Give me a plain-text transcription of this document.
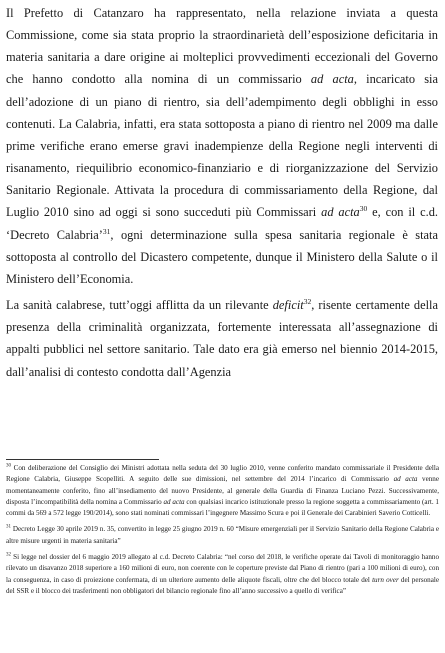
Il Prefetto di Catanzaro ha rappresentato, nella relazione inviata a questa Commissione, come sia stata proprio la straordinarietà dell’esposizione deficitaria in materia sanitaria a dare origine ai molteplici provvedimenti eccezionali del Governo che hanno condotto alla nomina di un commissario ad acta, incaricato sia dell’adozione di un piano di rientro, sia dell’adempimento degli obblighi in esso contenuti. La Calabria, infatti, era stata sottoposta a piano di rientro nel 2009 ma dalle prime verifiche erano emerse gravi inadempienze della Regione negli interventi di risanamento, riequilibrio economico-finanziario e di riorganizzazione del Servizio Sanitario Regionale. Attivata la procedura di commissariamento della Regione, dal Luglio 2010 sino ad oggi si sono succeduti più Commissari ad acta$^{30}$ e, con il c.d. ‘Decreto Calabria’$^{31}$, ogni determinazione sulla spesa sanitaria regionale è stata sottoposta al controllo del Dicastero competente, dunque il Ministero della Salute o il Ministero dell’Economia.

La sanità calabrese, tutt’oggi afflitta da un rilevante deficit$^{32}$, risente certamente della presenza della criminalità organizzata, fortemente interessata all’assegnazione di appalti pubblici nel settore sanitario. Tale dato era già emerso nel biennio 2014-2015, dall’analisi di contesto condotta dall’Agenzia

$^{30}$ Con deliberazione del Consiglio dei Ministri adottata nella seduta del 30 luglio 2010, venne conferito mandato commissariale il Presidente della Regione Calabria, Giuseppe Scopelliti. A seguito delle sue dimissioni, nel settembre del 2014 l’incarico di Commissario ad acta venne momentaneamente conferito, fino all’insediamento del nuovo Presidente, al generale della Guardia di Finanza Luciano Pezzi. Successivamente, disposta l’incompatibilità della nomina a Commissario ad acta con qualsiasi incarico istituzionale presso la regione soggetta a commissariamento (art. 1 commi da 569 a 572 legge 190/2014), sono stati nominati commissari l’ingegnere Massimo Scura e poi il Generale dei Carabinieri Saverio Cotticelli.

$^{31}$ Decreto Legge 30 aprile 2019 n. 35, convertito in legge 25 giugno 2019 n. 60 “Misure emergenziali per il Servizio Sanitario della Regione Calabria e altre misure urgenti in materia sanitaria”

$^{32}$ Si legge nel dossier del 6 maggio 2019 allegato al c.d. Decreto Calabria: “nel corso del 2018, le verifiche operate dai Tavoli di monitoraggio hanno rilevato un disavanzo 2018 superiore a 160 milioni di euro, non coerente con le coperture previste dal Piano di rientro (pari a 100 milioni di euro), con la conseguenza, in caso di proiezione confermata, di un ulteriore aumento delle aliquote fiscali, oltre che del blocco totale del turn over del personale del SSR e il blocco dei trasferimenti non obbligatori del bilancio regionale fino all’anno successivo a quello di verifica”
